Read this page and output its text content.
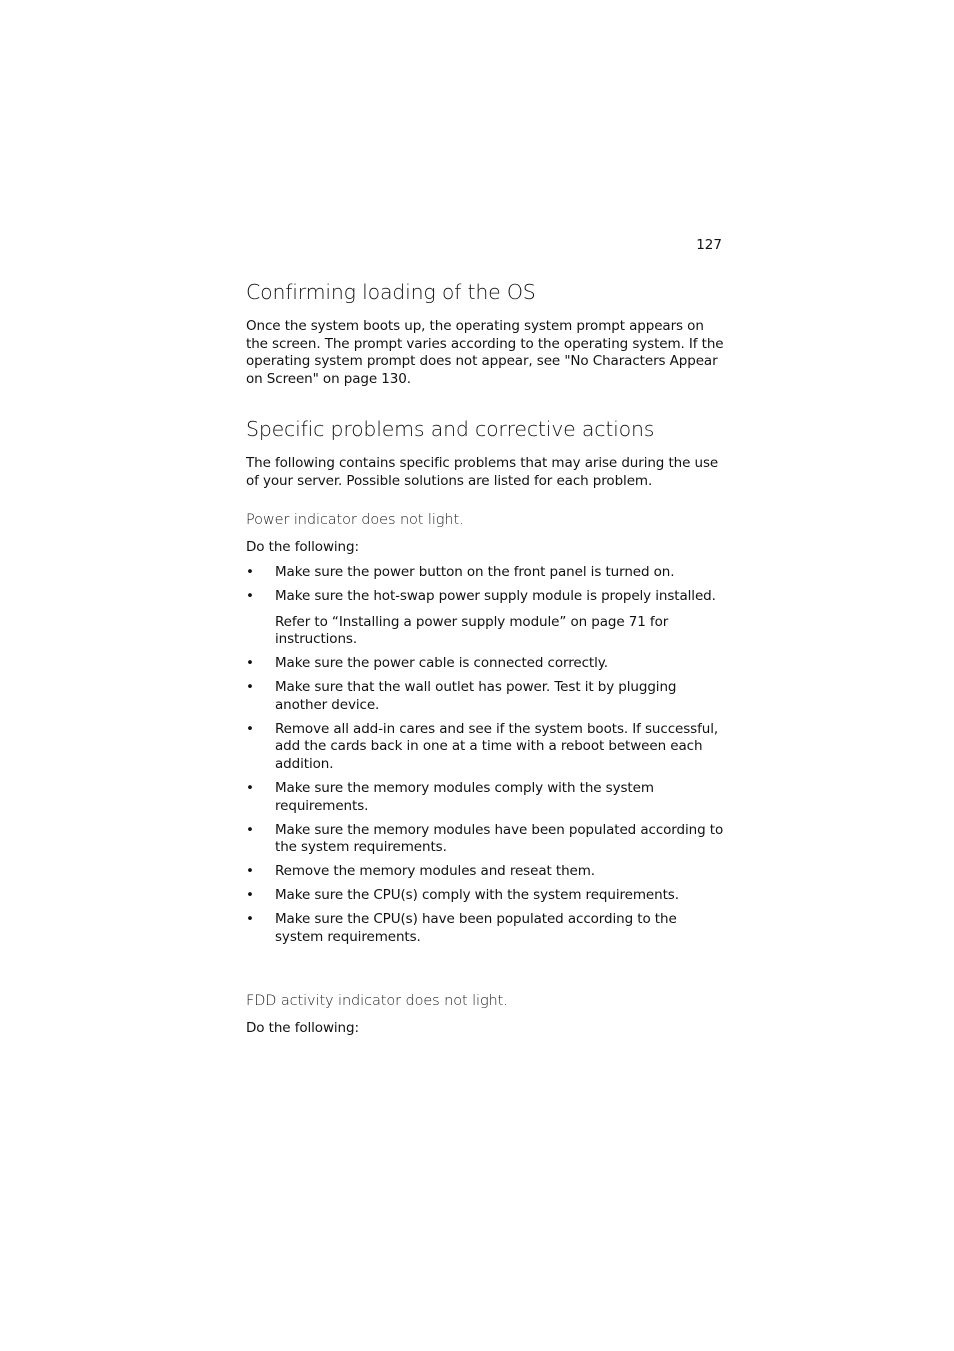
127
Confirming loading of the OS

Once the system boots up, the operating system prompt appears on the screen. The prompt varies according to the operating system. If the operating system prompt does not appear, see "No Characters Appear on Screen" on page 130.

Specific problems and corrective actions

The following contains specific problems that may arise during the use of your server. Possible solutions are listed for each problem.

Power indicator does not light.

Do the following:

• Make sure the power button on the front panel is turned on.
• Make sure the hot-swap power supply module is propely installed.
Refer to “Installing a power supply module” on page 71 for instructions.
• Make sure the power cable is connected correctly.
• Make sure that the wall outlet has power. Test it by plugging another device.
• Remove all add-in cares and see if the system boots. If successful, add the cards back in one at a time with a reboot between each addition.
• Make sure the memory modules comply with the system requirements.
• Make sure the memory modules have been populated according to the system requirements.
• Remove the memory modules and reseat them.
• Make sure the CPU(s) comply with the system requirements.
• Make sure the CPU(s) have been populated according to the system requirements.

FDD activity indicator does not light.

Do the following:
